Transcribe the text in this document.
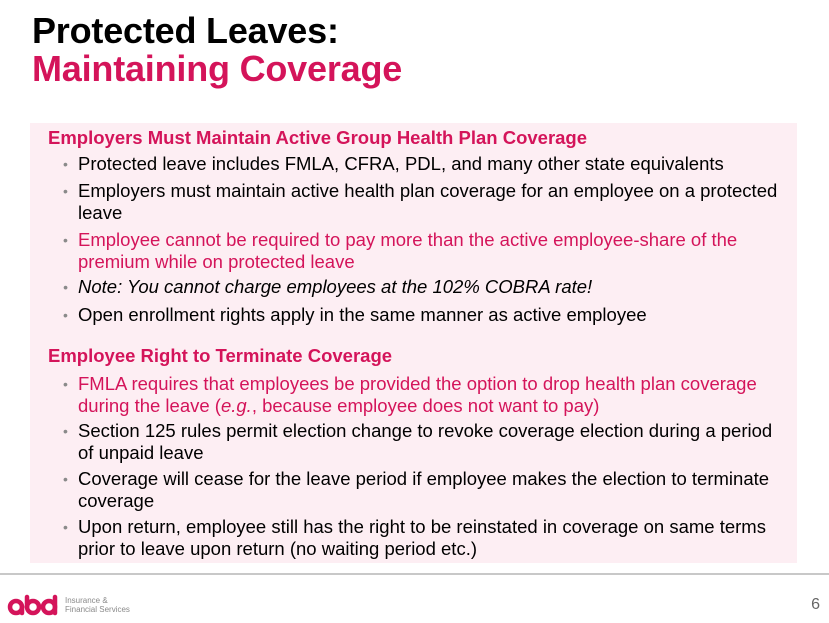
Protected Leaves:
Maintaining Coverage
Employers Must Maintain Active Group Health Plan Coverage
• Protected leave includes FMLA, CFRA, PDL, and many other state equivalents
• Employers must maintain active health plan coverage for an employee on a protected leave
• Employee cannot be required to pay more than the active employee-share of the premium while on protected leave
• Note: You cannot charge employees at the 102% COBRA rate!
• Open enrollment rights apply in the same manner as active employee
Employee Right to Terminate Coverage
• FMLA requires that employees be provided the option to drop health plan coverage during the leave (e.g., because employee does not want to pay)
• Section 125 rules permit election change to revoke coverage election during a period of unpaid leave
• Coverage will cease for the leave period if employee makes the election to terminate coverage
• Upon return, employee still has the right to be reinstated in coverage on same terms prior to leave upon return (no waiting period etc.)
Insurance &
Financial Services	6
